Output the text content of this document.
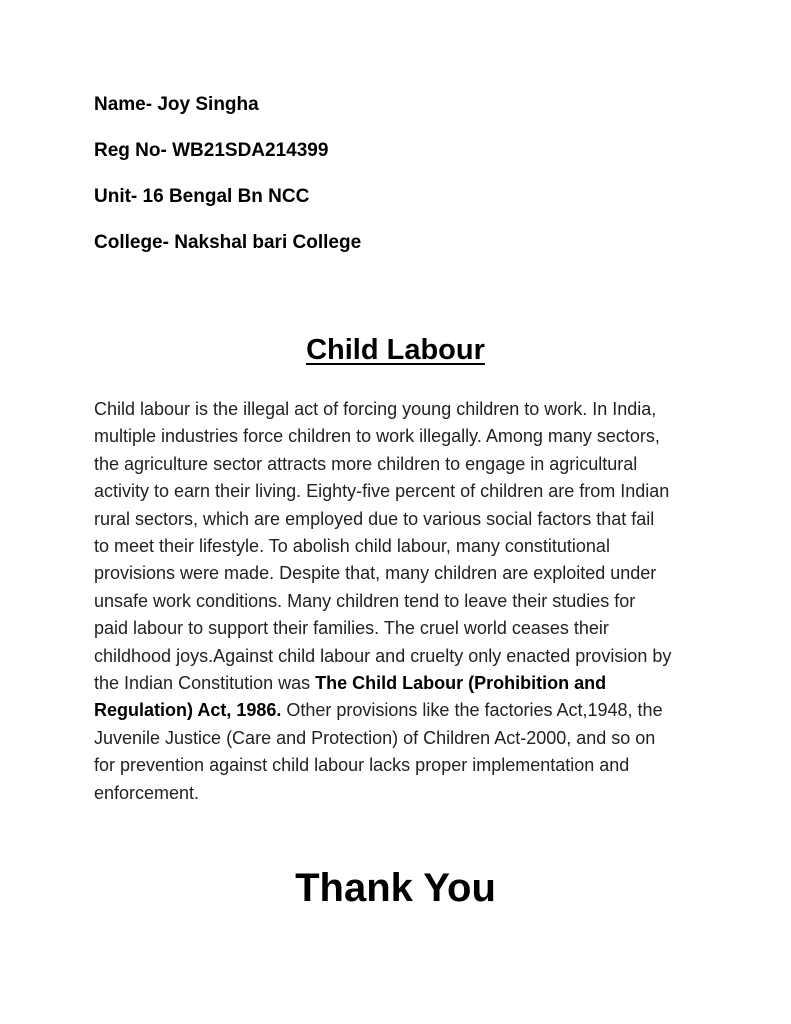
Name- Joy Singha

Reg No- WB21SDA214399

Unit- 16 Bengal Bn NCC

College- Nakshal bari College

Child Labour

Child labour is the illegal act of forcing young children to work. In India, multiple industries force children to work illegally. Among many sectors, the agriculture sector attracts more children to engage in agricultural activity to earn their living. Eighty-five percent of children are from Indian rural sectors, which are employed due to various social factors that fail to meet their lifestyle. To abolish child labour, many constitutional provisions were made. Despite that, many children are exploited under unsafe work conditions. Many children tend to leave their studies for paid labour to support their families. The cruel world ceases their childhood joys.Against child labour and cruelty only enacted provision by the Indian Constitution was The Child Labour (Prohibition and Regulation) Act, 1986. Other provisions like the factories Act,1948, the Juvenile Justice (Care and Protection) of Children Act-2000, and so on for prevention against child labour lacks proper implementation and enforcement.

Thank You
